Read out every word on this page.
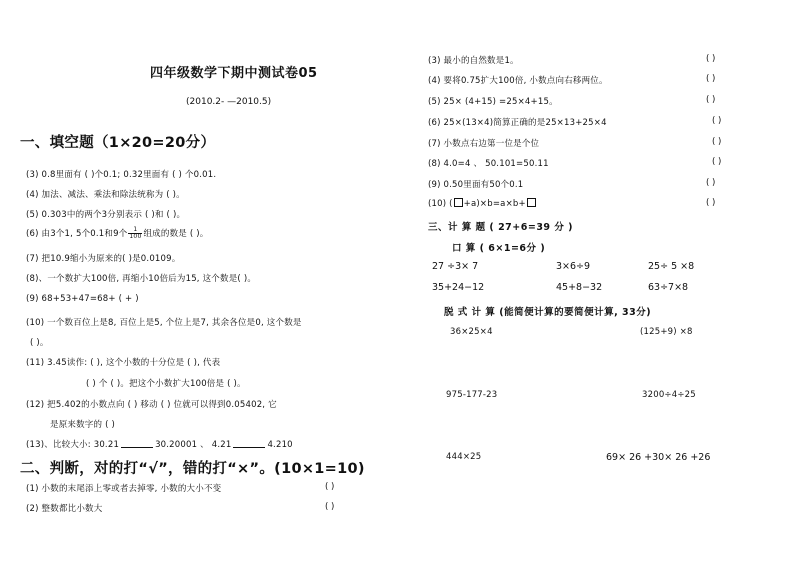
四年级数学下期中测试卷05
(2010.2- —2010.5)
一、填空题（1×20=20分）
(3) 0.8里面有 ( )个0.1; 0.32里面有 ( ) 个0.01.
(4) 加法、减法、乘法和除法统称为 ( )。
(5) 0.303中的两个3分别表示 ( )和 ( )。
(6) 由3个1, 5个0.1和9个 $\frac{1}{100}$ 组成的数是 ( )。
(7) 把10.9缩小为原来的( )是0.0109。
(8)、一个数扩大100倍, 再缩小10倍后为15, 这个数是( )。
(9) 68+53+47=68+ ( + )
(10) 一个数百位上是8, 百位上是5, 个位上是7, 其余各位是0, 这个数是
( )。
(11) 3.45读作: ( ), 这个小数的十分位是 ( ), 代表
( ) 个 ( )。把这个小数扩大100倍是 ( )。
(12) 把5.402的小数点向 ( ) 移动 ( ) 位就可以得到0.05402, 它
是原来数字的 ( )
(13)、比较大小: 30.21	30.20001 、 4.21	4.210
二、判断，对的打“√”，错的打“×”。(10×1=10)
(1) 小数的末尾添上零或者去掉零, 小数的大小不变	( )
(2) 整数都比小数大	( )
(3) 最小的自然数是1。	( )
(4) 要将0.75扩大100倍, 小数点向右移两位。	( )
(5) 25× (4+15) =25×4+15。	( )
(6) 25×(13×4)简算正确的是25×13+25×4	( )
(7) 小数点右边第一位是个位	( )
(8) 4.0=4 、 50.101=50.11	( )
(9) 0.50里面有50个0.1	( )
(10) ( +a)×b=a×b+	( )
三、计 算 题 ( 27+6=39 分 )
口 算 ( 6×1=6分 )
27 ÷3× 7	3×6÷9	25÷ 5 ×8
35+24−12	45+8−32	63÷7×8
脱 式 计 算 (能简便计算的要简便计算, 33分)
36×25×4	(125+9) ×8
975-177-23	3200÷4÷25
444×25	69× 26 +30× 26 +26
